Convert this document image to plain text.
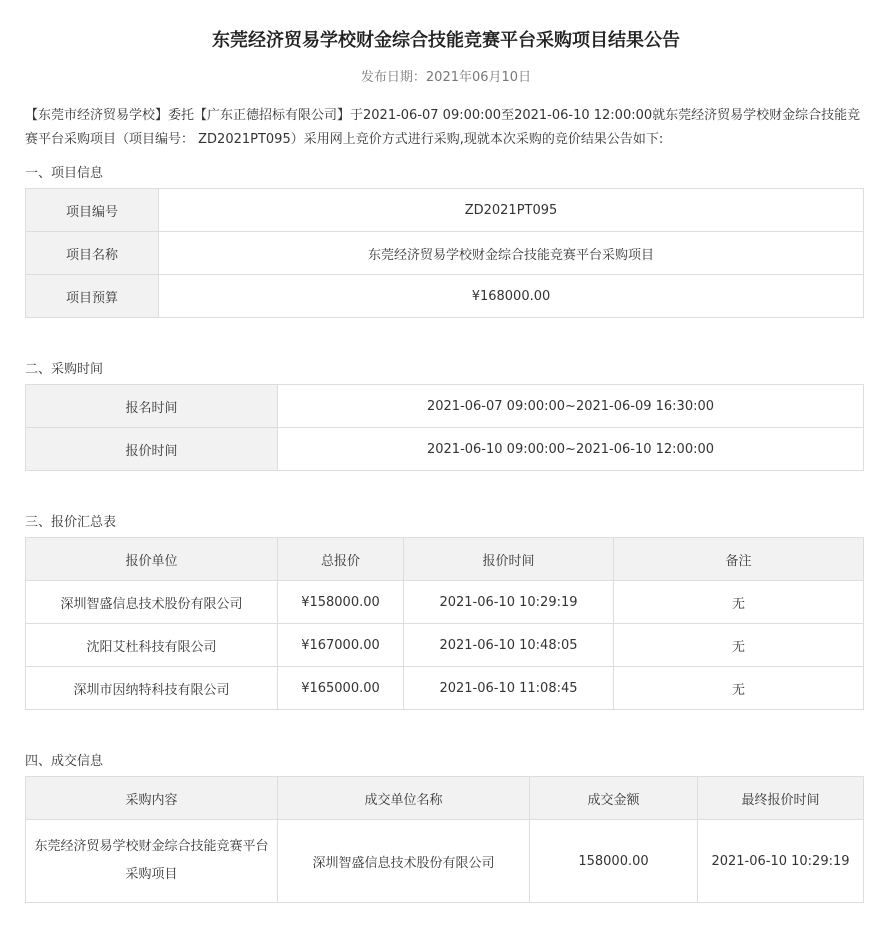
东莞经济贸易学校财金综合技能竞赛平台采购项目结果公告
发布日期：2021年06月10日
【东莞市经济贸易学校】委托【广东正德招标有限公司】于2021-06-07 09:00:00至2021-06-10 12:00:00就东莞经济贸易学校财金综合技能竞赛平台采购项目（项目编号： ZD2021PT095）采用网上竞价方式进行采购,现就本次采购的竞价结果公告如下:
一、项目信息
项目编号	ZD2021PT095
项目名称	东莞经济贸易学校财金综合技能竞赛平台采购项目
项目预算	¥168000.00
二、采购时间
报名时间	2021-06-07 09:00:00~2021-06-09 16:30:00
报价时间	2021-06-10 09:00:00~2021-06-10 12:00:00
三、报价汇总表
报价单位	总报价	报价时间	备注
深圳智盛信息技术股份有限公司	¥158000.00	2021-06-10 10:29:19	无
沈阳艾杜科技有限公司	¥167000.00	2021-06-10 10:48:05	无
深圳市因纳特科技有限公司	¥165000.00	2021-06-10 11:08:45	无
四、成交信息
采购内容	成交单位名称	成交金额	最终报价时间
东莞经济贸易学校财金综合技能竞赛平台采购项目	深圳智盛信息技术股份有限公司	158000.00	2021-06-10 10:29:19
